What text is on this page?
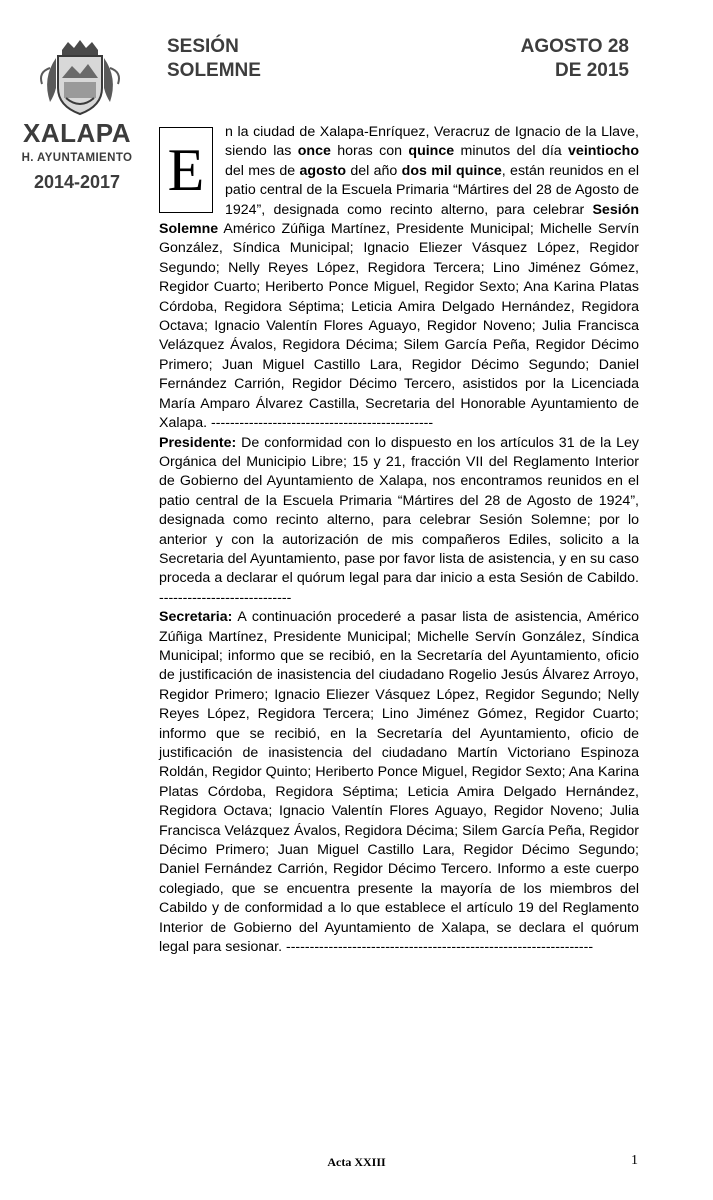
XALAPA
H. AYUNTAMIENTO
2014-2017
SESIÓN
SOLEMNE
AGOSTO 28
DE 2015
E

n la ciudad de Xalapa-Enríquez, Veracruz de Ignacio de la Llave, siendo las once horas con quince minutos del día veintiocho del mes de agosto del año dos mil quince, están reunidos en el patio central de la Escuela Primaria “Mártires del 28 de Agosto de 1924”, designada como recinto alterno, para celebrar Sesión Solemne Américo Zúñiga Martínez, Presidente Municipal; Michelle Servín González, Síndica Municipal; Ignacio Eliezer Vásquez López, Regidor Segundo; Nelly Reyes López, Regidora Tercera; Lino Jiménez Gómez, Regidor Cuarto; Heriberto Ponce Miguel, Regidor Sexto; Ana Karina Platas Córdoba, Regidora Séptima; Leticia Amira Delgado Hernández, Regidora Octava; Ignacio Valentín Flores Aguayo, Regidor Noveno; Julia Francisca Velázquez Ávalos, Regidora Décima; Silem García Peña, Regidor Décimo Primero; Juan Miguel Castillo Lara, Regidor Décimo Segundo; Daniel Fernández Carrión, Regidor Décimo Tercero, asistidos por la Licenciada María Amparo Álvarez Castilla, Secretaria del Honorable Ayuntamiento de Xalapa. -----------------------------------------------

Presidente: De conformidad con lo dispuesto en los artículos 31 de la Ley Orgánica del Municipio Libre; 15 y 21, fracción VII del Reglamento Interior de Gobierno del Ayuntamiento de Xalapa, nos encontramos reunidos en el patio central de la Escuela Primaria “Mártires del 28 de Agosto de 1924”, designada como recinto alterno, para celebrar Sesión Solemne; por lo anterior y con la autorización de mis compañeros Ediles, solicito a la Secretaria del Ayuntamiento, pase por favor lista de asistencia, y en su caso proceda a declarar el quórum legal para dar inicio a esta Sesión de Cabildo. ----------------------------

Secretaria: A continuación procederé a pasar lista de asistencia, Américo Zúñiga Martínez, Presidente Municipal; Michelle Servín González, Síndica Municipal; informo que se recibió, en la Secretaría del Ayuntamiento, oficio de justificación de inasistencia del ciudadano Rogelio Jesús Álvarez Arroyo, Regidor Primero; Ignacio Eliezer Vásquez López, Regidor Segundo; Nelly Reyes López, Regidora Tercera; Lino Jiménez Gómez, Regidor Cuarto; informo que se recibió, en la Secretaría del Ayuntamiento, oficio de justificación de inasistencia del ciudadano Martín Victoriano Espinoza Roldán, Regidor Quinto; Heriberto Ponce Miguel, Regidor Sexto; Ana Karina Platas Córdoba, Regidora Séptima; Leticia Amira Delgado Hernández, Regidora Octava; Ignacio Valentín Flores Aguayo, Regidor Noveno; Julia Francisca Velázquez Ávalos, Regidora Décima; Silem García Peña, Regidor Décimo Primero; Juan Miguel Castillo Lara, Regidor Décimo Segundo; Daniel Fernández Carrión, Regidor Décimo Tercero. Informo a este cuerpo colegiado, que se encuentra presente la mayoría de los miembros del Cabildo y de conformidad a lo que establece el artículo 19 del Reglamento Interior de Gobierno del Ayuntamiento de Xalapa, se declara el quórum legal para sesionar. -----------------------------------------------------------------

Acta XXIII	1
